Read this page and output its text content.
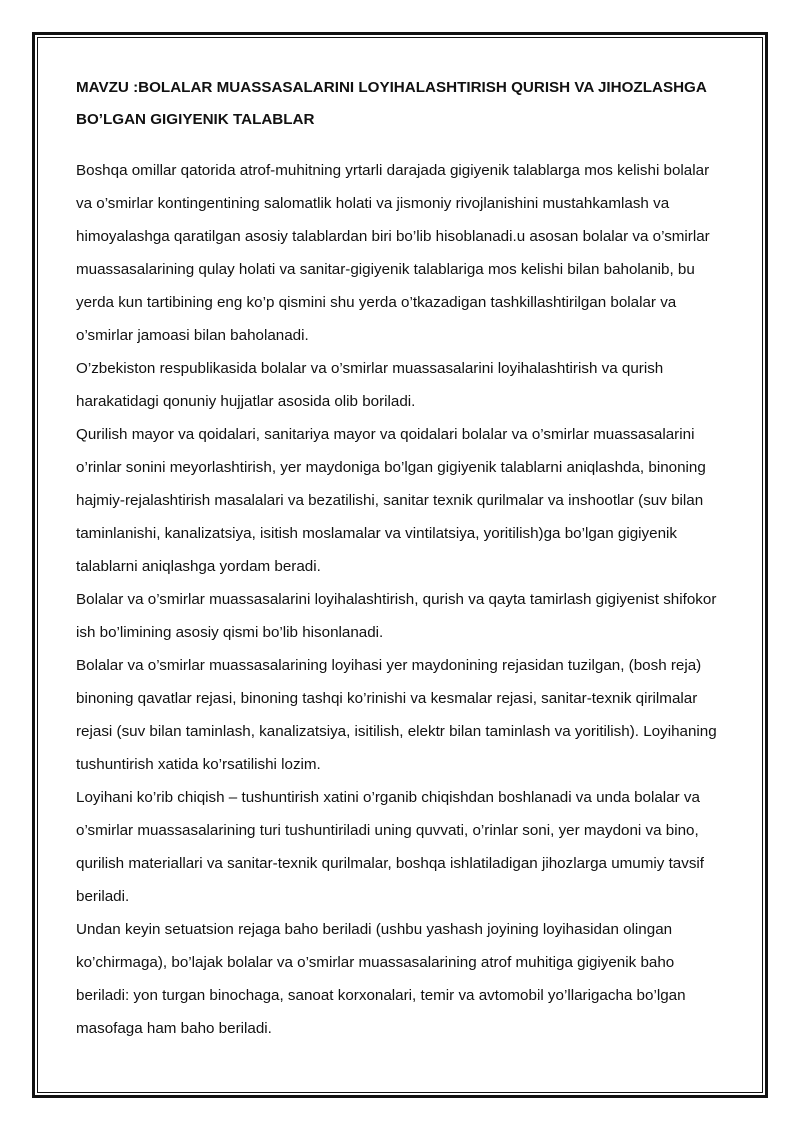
MAVZU :BOLALAR MUASSASALARINI LOYIHALASHTIRISH QURISH VA JIHOZLASHGA BO’LGAN GIGIYENIK TALABLAR

Boshqa omillar qatorida atrof-muhitning yrtarli darajada gigiyenik talablarga mos kelishi bolalar va o’smirlar kontingentining salomatlik holati va jismoniy rivojlanishini mustahkamlash va himoyalashga qaratilgan asosiy talablardan biri bo’lib hisoblanadi.u asosan bolalar va o’smirlar muassasalarining qulay holati va sanitar-gigiyenik talablariga mos kelishi bilan baholanib, bu yerda kun tartibining eng ko’p qismini shu yerda o’tkazadigan tashkillashtirilgan bolalar va o’smirlar jamoasi bilan baholanadi.

O’zbekiston respublikasida bolalar va o’smirlar muassasalarini loyihalashtirish va qurish harakatidagi qonuniy hujjatlar asosida olib boriladi.

Qurilish mayor va qoidalari, sanitariya mayor va qoidalari bolalar va o’smirlar muassasalarini o’rinlar sonini meyorlashtirish, yer maydoniga bo’lgan gigiyenik talablarni aniqlashda, binoning hajmiy-rejalashtirish masalalari va bezatilishi, sanitar texnik qurilmalar va inshootlar (suv bilan taminlanishi, kanalizatsiya, isitish moslamalar va vintilatsiya, yoritilish)ga bo’lgan gigiyenik talablarni aniqlashga yordam beradi.

Bolalar va o’smirlar muassasalarini loyihalashtirish, qurish va qayta tamirlash gigiyenist shifokor ish bo’limining asosiy qismi bo’lib hisonlanadi.

Bolalar va o’smirlar muassasalarining loyihasi yer maydonining rejasidan tuzilgan, (bosh reja) binoning qavatlar rejasi, binoning tashqi ko’rinishi va kesmalar rejasi, sanitar-texnik qirilmalar rejasi (suv bilan taminlash, kanalizatsiya, isitilish, elektr bilan taminlash va yoritilish). Loyihaning tushuntirish xatida ko’rsatilishi lozim.

Loyihani ko’rib chiqish – tushuntirish xatini o’rganib chiqishdan boshlanadi va unda bolalar va o’smirlar muassasalarining turi tushuntiriladi uning quvvati, o’rinlar soni, yer maydoni va bino, qurilish materiallari va sanitar-texnik qurilmalar, boshqa ishlatiladigan jihozlarga umumiy tavsif beriladi.

Undan keyin setuatsion rejaga baho beriladi (ushbu yashash joyining loyihasidan olingan ko’chirmaga), bo’lajak bolalar va o’smirlar muassasalarining atrof muhitiga gigiyenik baho beriladi: yon turgan binochaga, sanoat korxonalari, temir va avtomobil yo’llarigacha bo’lgan masofaga ham baho beriladi.
